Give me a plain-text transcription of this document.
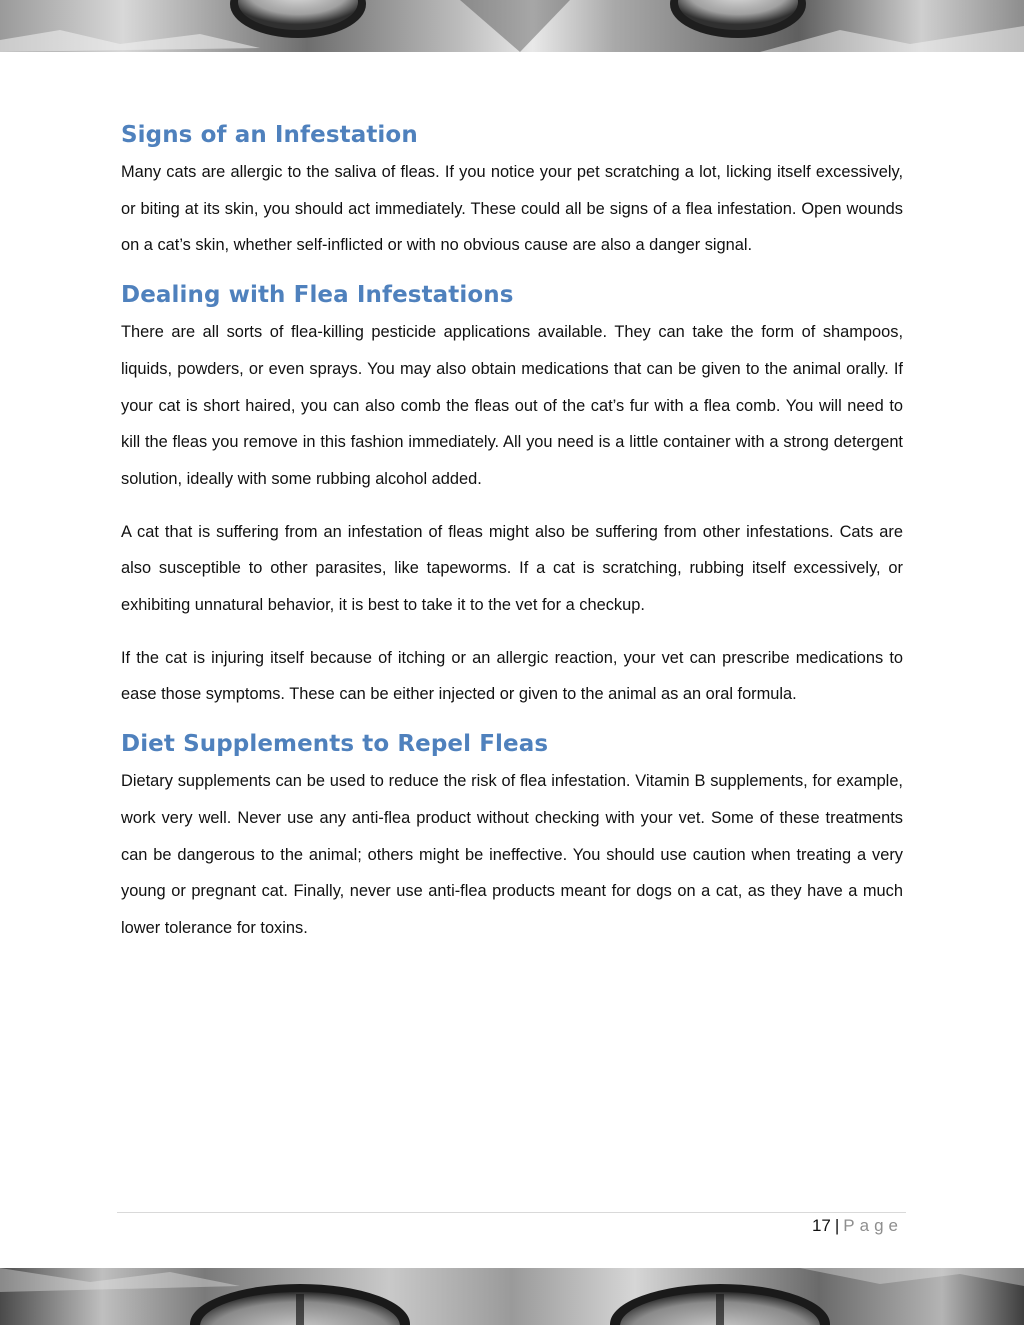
Signs of an Infestation

Many cats are allergic to the saliva of fleas. If you notice your pet scratching a lot, licking itself excessively, or biting at its skin, you should act immediately. These could all be signs of a flea infestation. Open wounds on a cat’s skin, whether self-inflicted or with no obvious cause are also a danger signal.

Dealing with Flea Infestations

There are all sorts of flea-killing pesticide applications available. They can take the form of shampoos, liquids, powders, or even sprays. You may also obtain medications that can be given to the animal orally. If your cat is short haired, you can also comb the fleas out of the cat’s fur with a flea comb. You will need to kill the fleas you remove in this fashion immediately. All you need is a little container with a strong detergent solution, ideally with some rubbing alcohol added.

A cat that is suffering from an infestation of fleas might also be suffering from other infestations. Cats are also susceptible to other parasites, like tapeworms. If a cat is scratching, rubbing itself excessively, or exhibiting unnatural behavior, it is best to take it to the vet for a checkup.

If the cat is injuring itself because of itching or an allergic reaction, your vet can prescribe medications to ease those symptoms. These can be either injected or given to the animal as an oral formula.

Diet Supplements to Repel Fleas

Dietary supplements can be used to reduce the risk of flea infestation. Vitamin B supplements, for example, work very well. Never use any anti-flea product without checking with your vet. Some of these treatments can be dangerous to the animal; others might be ineffective. You should use caution when treating a very young or pregnant cat. Finally, never use anti-flea products meant for dogs on a cat, as they have a much lower tolerance for toxins.

17 | Page
